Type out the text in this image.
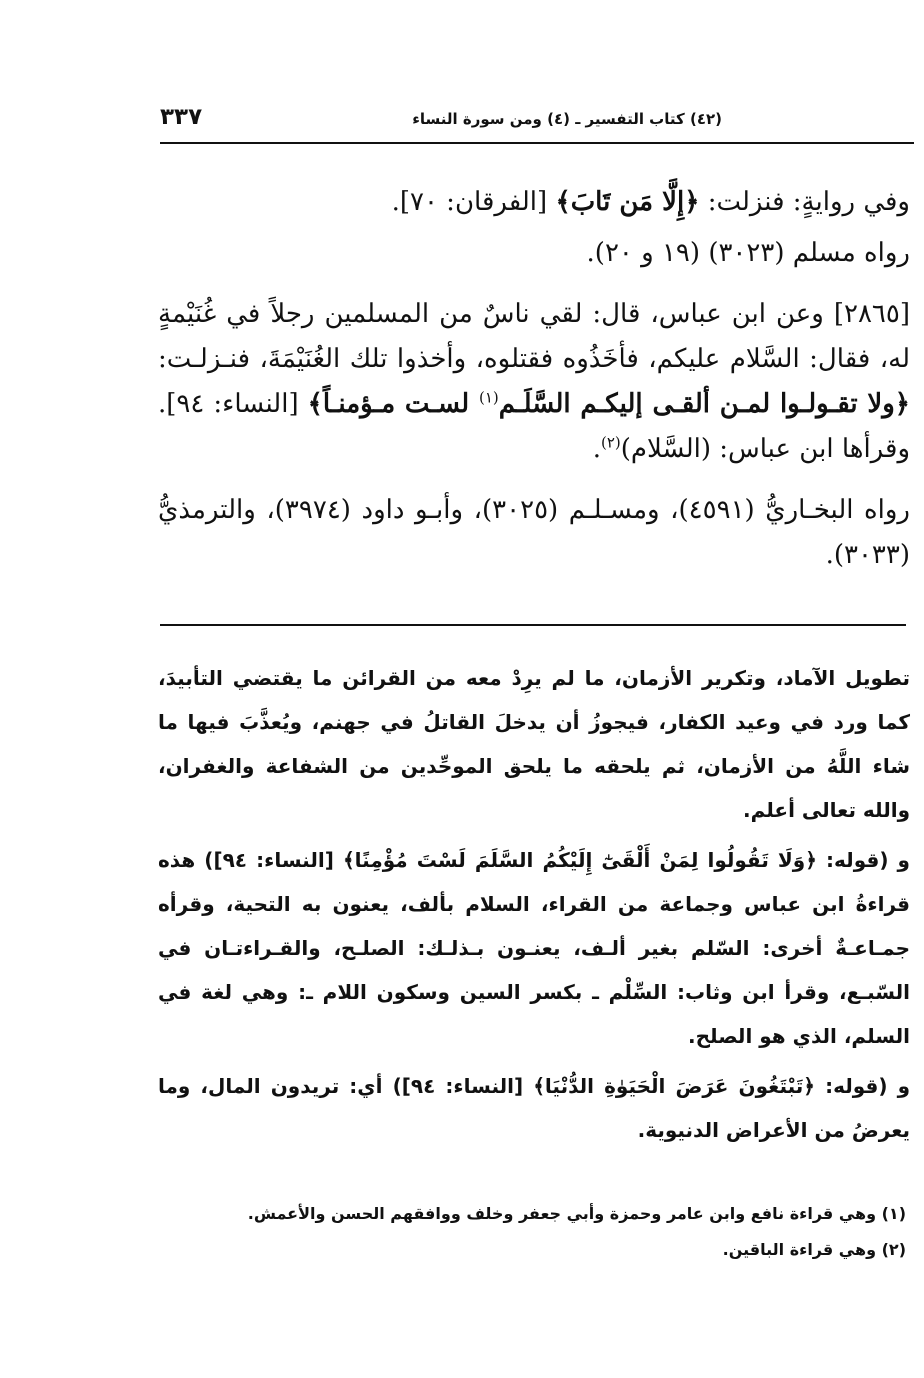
٣٣٧	(٤٢) كتاب التفسير ـ (٤) ومن سورة النساء

وفي روايةٍ: فنزلت: ﴿إِلَّا مَن تَابَ﴾ [الفرقان: ٧٠].

رواه مسلم (٣٠٢٣) (١٩ و ٢٠).

[٢٨٦٥] وعن ابن عباس، قال: لقي ناسٌ من المسلمين رجلاً في غُنَيْمةٍ له، فقال: السَّلام عليكم، فأخَذُوه فقتلوه، وأخذوا تلك الغُنَيْمَةَ، فنـزلـت: ﴿ولا تقـولـوا لمـن ألقـى إليكـم السَّلَـم$^{(١)}$ لسـت مـؤمنـاً﴾ [النساء: ٩٤]. وقرأها ابن عباس: (السَّلام)$^{(٢)}$.

رواه البخـاريُّ (٤٥٩١)، ومسـلـم (٣٠٢٥)، وأبـو داود (٣٩٧٤)، والترمذيُّ (٣٠٣٣).

تطويل الآماد، وتكرير الأزمان، ما لم يرِدْ معه من القرائن ما يقتضي التأبيدَ، كما ورد في وعيد الكفار، فيجوزُ أن يدخلَ القاتلُ في جهنم، ويُعذَّبَ فيها ما شاء اللَّهُ من الأزمان، ثم يلحقه ما يلحق الموحِّدين من الشفاعة والغفران، والله تعالى أعلم.

و (قوله: ﴿وَلَا تَقُولُوا لِمَنْ أَلْقَىٰٓ إِلَيْكُمُ السَّلَمَ لَسْتَ مُؤْمِنًا﴾ [النساء: ٩٤]) هذه قراءةُ ابن عباس وجماعة من القراء، السلام بألف، يعنون به التحية، وقرأه جمـاعـةٌ أخرى: السّلم بغير ألـف، يعنـون بـذلـك: الصلـح، والقـراءتـان في السّبـع، وقرأ ابن وثاب: السِّلْم ـ بكسر السين وسكون اللام ـ: وهي لغة في السلم، الذي هو الصلح.

و (قوله: ﴿تَبْتَغُونَ عَرَضَ الْحَيَوٰةِ الدُّنْيَا﴾ [النساء: ٩٤]) أي: تريدون المال، وما يعرضُ من الأعراض الدنيوية.

(١) وهي قراءة نافع وابن عامر وحمزة وأبي جعفر وخلف ووافقهم الحسن والأعمش.
(٢) وهي قراءة الباقين.
